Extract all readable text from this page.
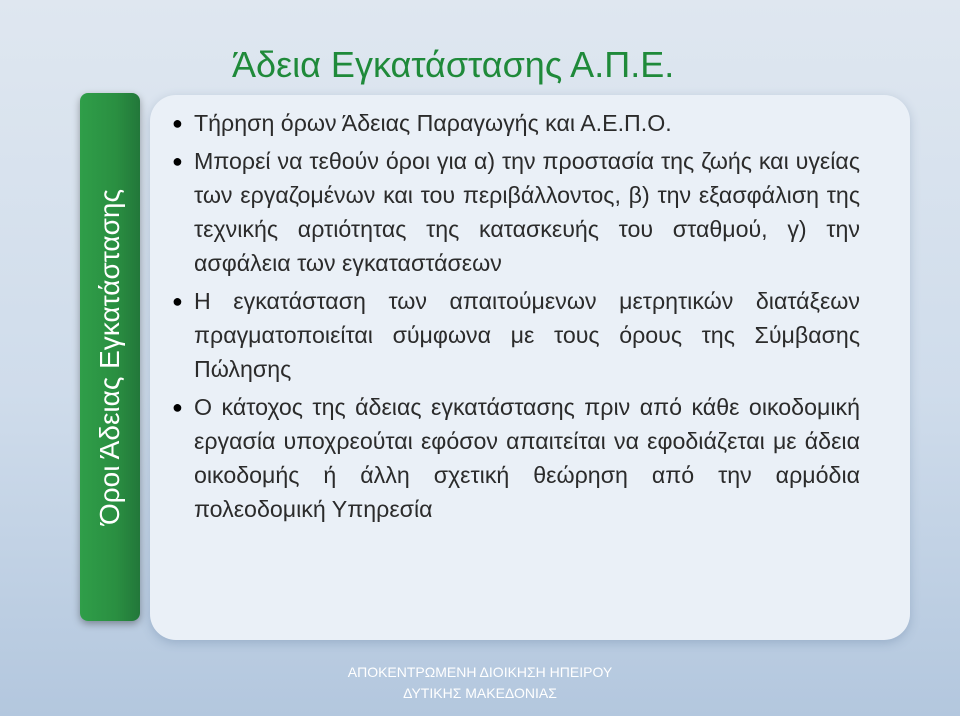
Όροι Άδειας Εγκατάστασης
Άδεια Εγκατάστασης Α.Π.Ε.
● Τήρηση όρων Άδειας Παραγωγής και Α.Ε.Π.Ο.
● Μπορεί να τεθούν όροι για α) την προστασία της ζωής και υγείας των εργαζομένων και του περιβάλλοντος, β) την εξασφάλιση της τεχνικής αρτιότητας της κατασκευής του σταθμού, γ) την ασφάλεια των εγκαταστάσεων
● Η εγκατάσταση των απαιτούμενων μετρητικών διατάξεων πραγματοποιείται σύμφωνα με τους όρους της Σύμβασης Πώλησης
● Ο κάτοχος της άδειας εγκατάστασης πριν από κάθε οικοδομική εργασία υποχρεούται εφόσον απαιτείται να εφοδιάζεται με άδεια οικοδομής ή άλλη σχετική θεώρηση από την αρμόδια πολεοδομική Υπηρεσία
ΑΠΟΚΕΝΤΡΩΜΕΝΗ ΔΙΟΙΚΗΣΗ ΗΠΕΙΡΟΥ
ΔΥΤΙΚΗΣ ΜΑΚΕΔΟΝΙΑΣ
